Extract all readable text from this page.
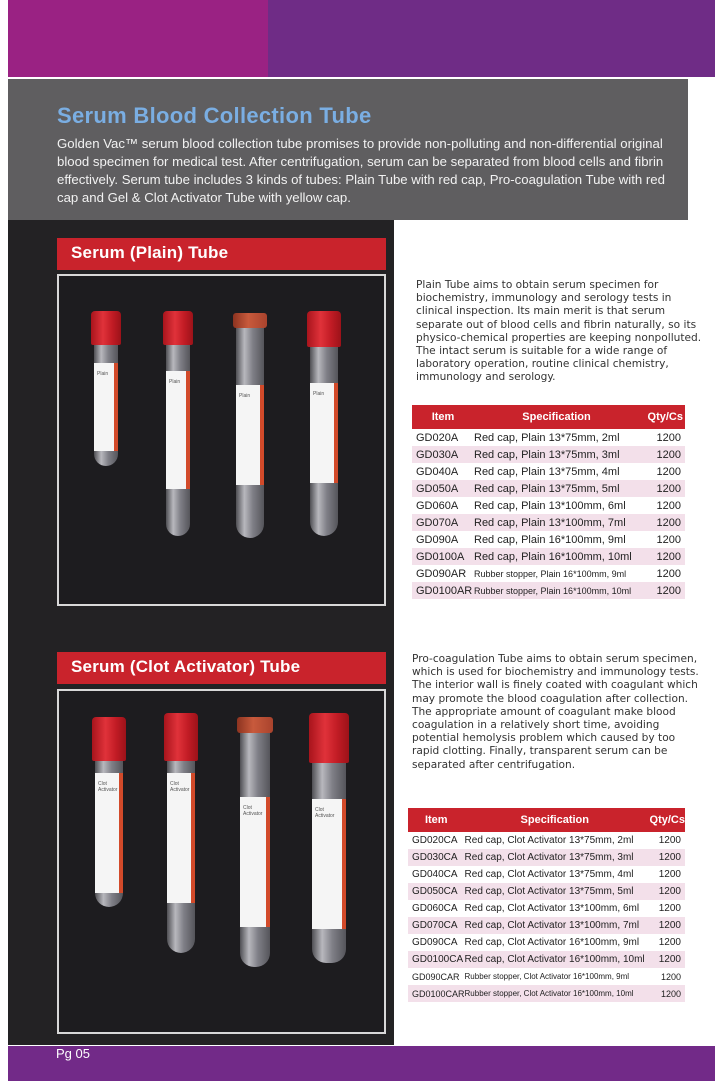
Serum Blood Collection Tube

Golden Vac™ serum blood collection tube promises to provide non-polluting and non-differential original blood specimen for medical test. After centrifugation, serum can be separated from blood cells and fibrin effectively. Serum tube includes 3 kinds of tubes: Plain Tube with red cap, Pro-coagulation Tube with red cap and Gel & Clot Activator Tube with yellow cap.

Serum (Plain) Tube
Plain
Plain
Plain	Plain

Plain Tube aims to obtain serum specimen for biochemistry, immunology and serology tests in clinical inspection. Its main merit is that serum separate out of blood cells and fibrin naturally, so its physico-chemical properties are keeping nonpolluted. The intact serum is suitable for a wide range of laboratory operation, routine clinical chemistry, immunology and serology.

Item	Specification	Qty/Cs
GD020A	Red cap, Plain 13*75mm, 2ml	1200
GD030A	Red cap, Plain 13*75mm, 3ml	1200
GD040A	Red cap, Plain 13*75mm, 4ml	1200
GD050A	Red cap, Plain 13*75mm, 5ml	1200
GD060A	Red cap, Plain 13*100mm, 6ml	1200
GD070A	Red cap, Plain 13*100mm, 7ml	1200
GD090A	Red cap, Plain 16*100mm, 9ml	1200
GD0100A	Red cap, Plain 16*100mm, 10ml	1200
GD090AR	Rubber stopper, Plain 16*100mm, 9ml	1200
GD0100AR	Rubber stopper, Plain 16*100mm, 10ml	1200
Serum (Clot Activator) Tube
Clot Activator
Clot Activator
Clot Activator
Clot Activator

Pro-coagulation Tube aims to obtain serum specimen, which is used for biochemistry and immunology tests. The interior wall is finely coated with coagulant which may promote the blood coagulation after collection. The appropriate amount of coagulant make blood coagulation in a relatively short time, avoiding potential hemolysis problem which caused by too rapid clotting. Finally, transparent serum can be separated after centrifugation.

Item	Specification	Qty/Cs
GD020CA	Red cap, Clot Activator 13*75mm, 2ml	1200
GD030CA	Red cap, Clot Activator 13*75mm, 3ml	1200
GD040CA	Red cap, Clot Activator 13*75mm, 4ml	1200
GD050CA	Red cap, Clot Activator 13*75mm, 5ml	1200
GD060CA	Red cap, Clot Activator 13*100mm, 6ml	1200
GD070CA	Red cap, Clot Activator 13*100mm, 7ml	1200
GD090CA	Red cap, Clot Activator 16*100mm, 9ml	1200
GD0100CA	Red cap, Clot Activator 16*100mm, 10ml	1200
GD090CAR	Rubber stopper, Clot Activator 16*100mm, 9ml	1200
GD0100CAR	Rubber stopper, Clot Activator 16*100mm, 10ml	1200
Pg 05
